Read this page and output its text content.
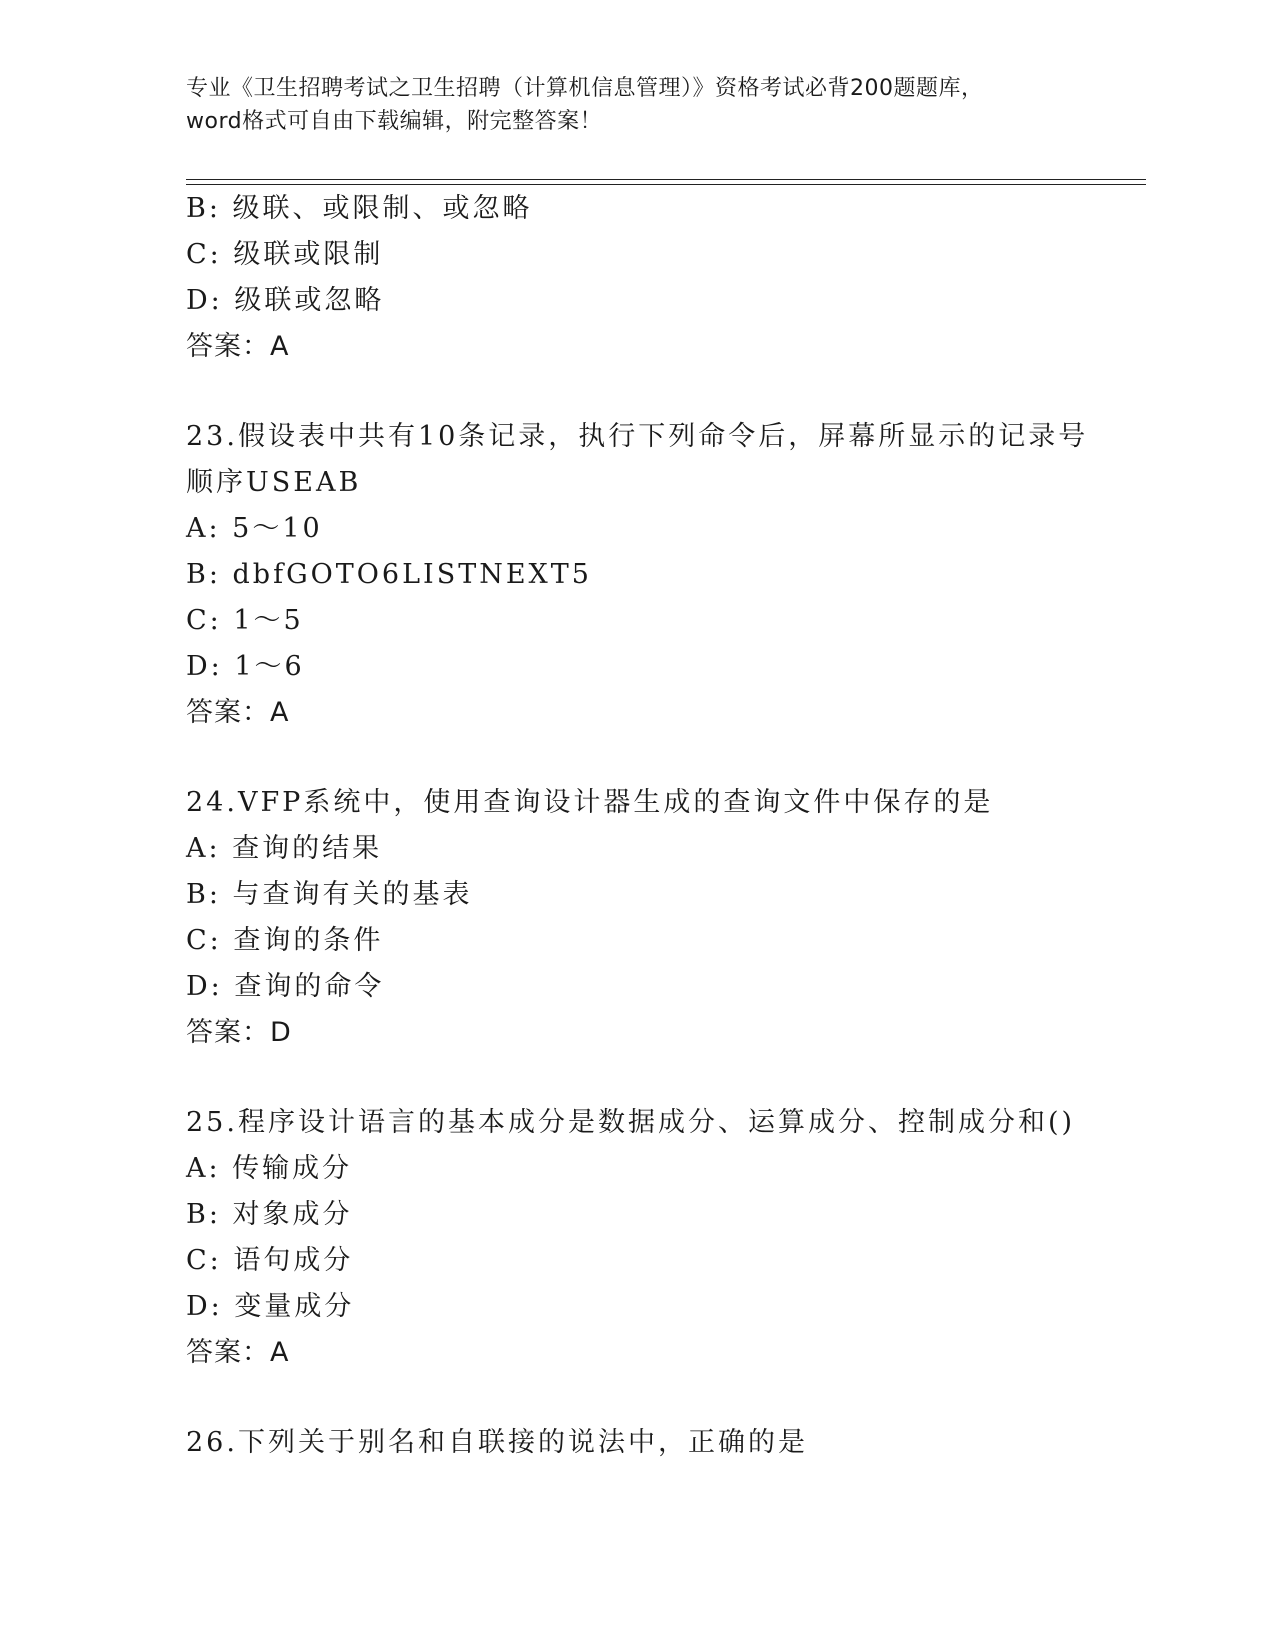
专业《卫生招聘考试之卫生招聘（计算机信息管理）》资格考试必背200题题库，
word格式可自由下载编辑，附完整答案！
B: 级联、或限制、或忽略
C: 级联或限制
D: 级联或忽略
答案：A
23.假设表中共有10条记录，执行下列命令后，屏幕所显示的记录号
顺序USEAB
A: 5～10
B: dbfGOTO6LISTNEXT5
C: 1～5
D: 1～6
答案：A
24.VFP系统中，使用查询设计器生成的查询文件中保存的是
A: 查询的结果
B: 与查询有关的基表
C: 查询的条件
D: 查询的命令
答案：D
25.程序设计语言的基本成分是数据成分、运算成分、控制成分和()
A: 传输成分
B: 对象成分
C: 语句成分
D: 变量成分
答案：A
26.下列关于别名和自联接的说法中，正确的是
